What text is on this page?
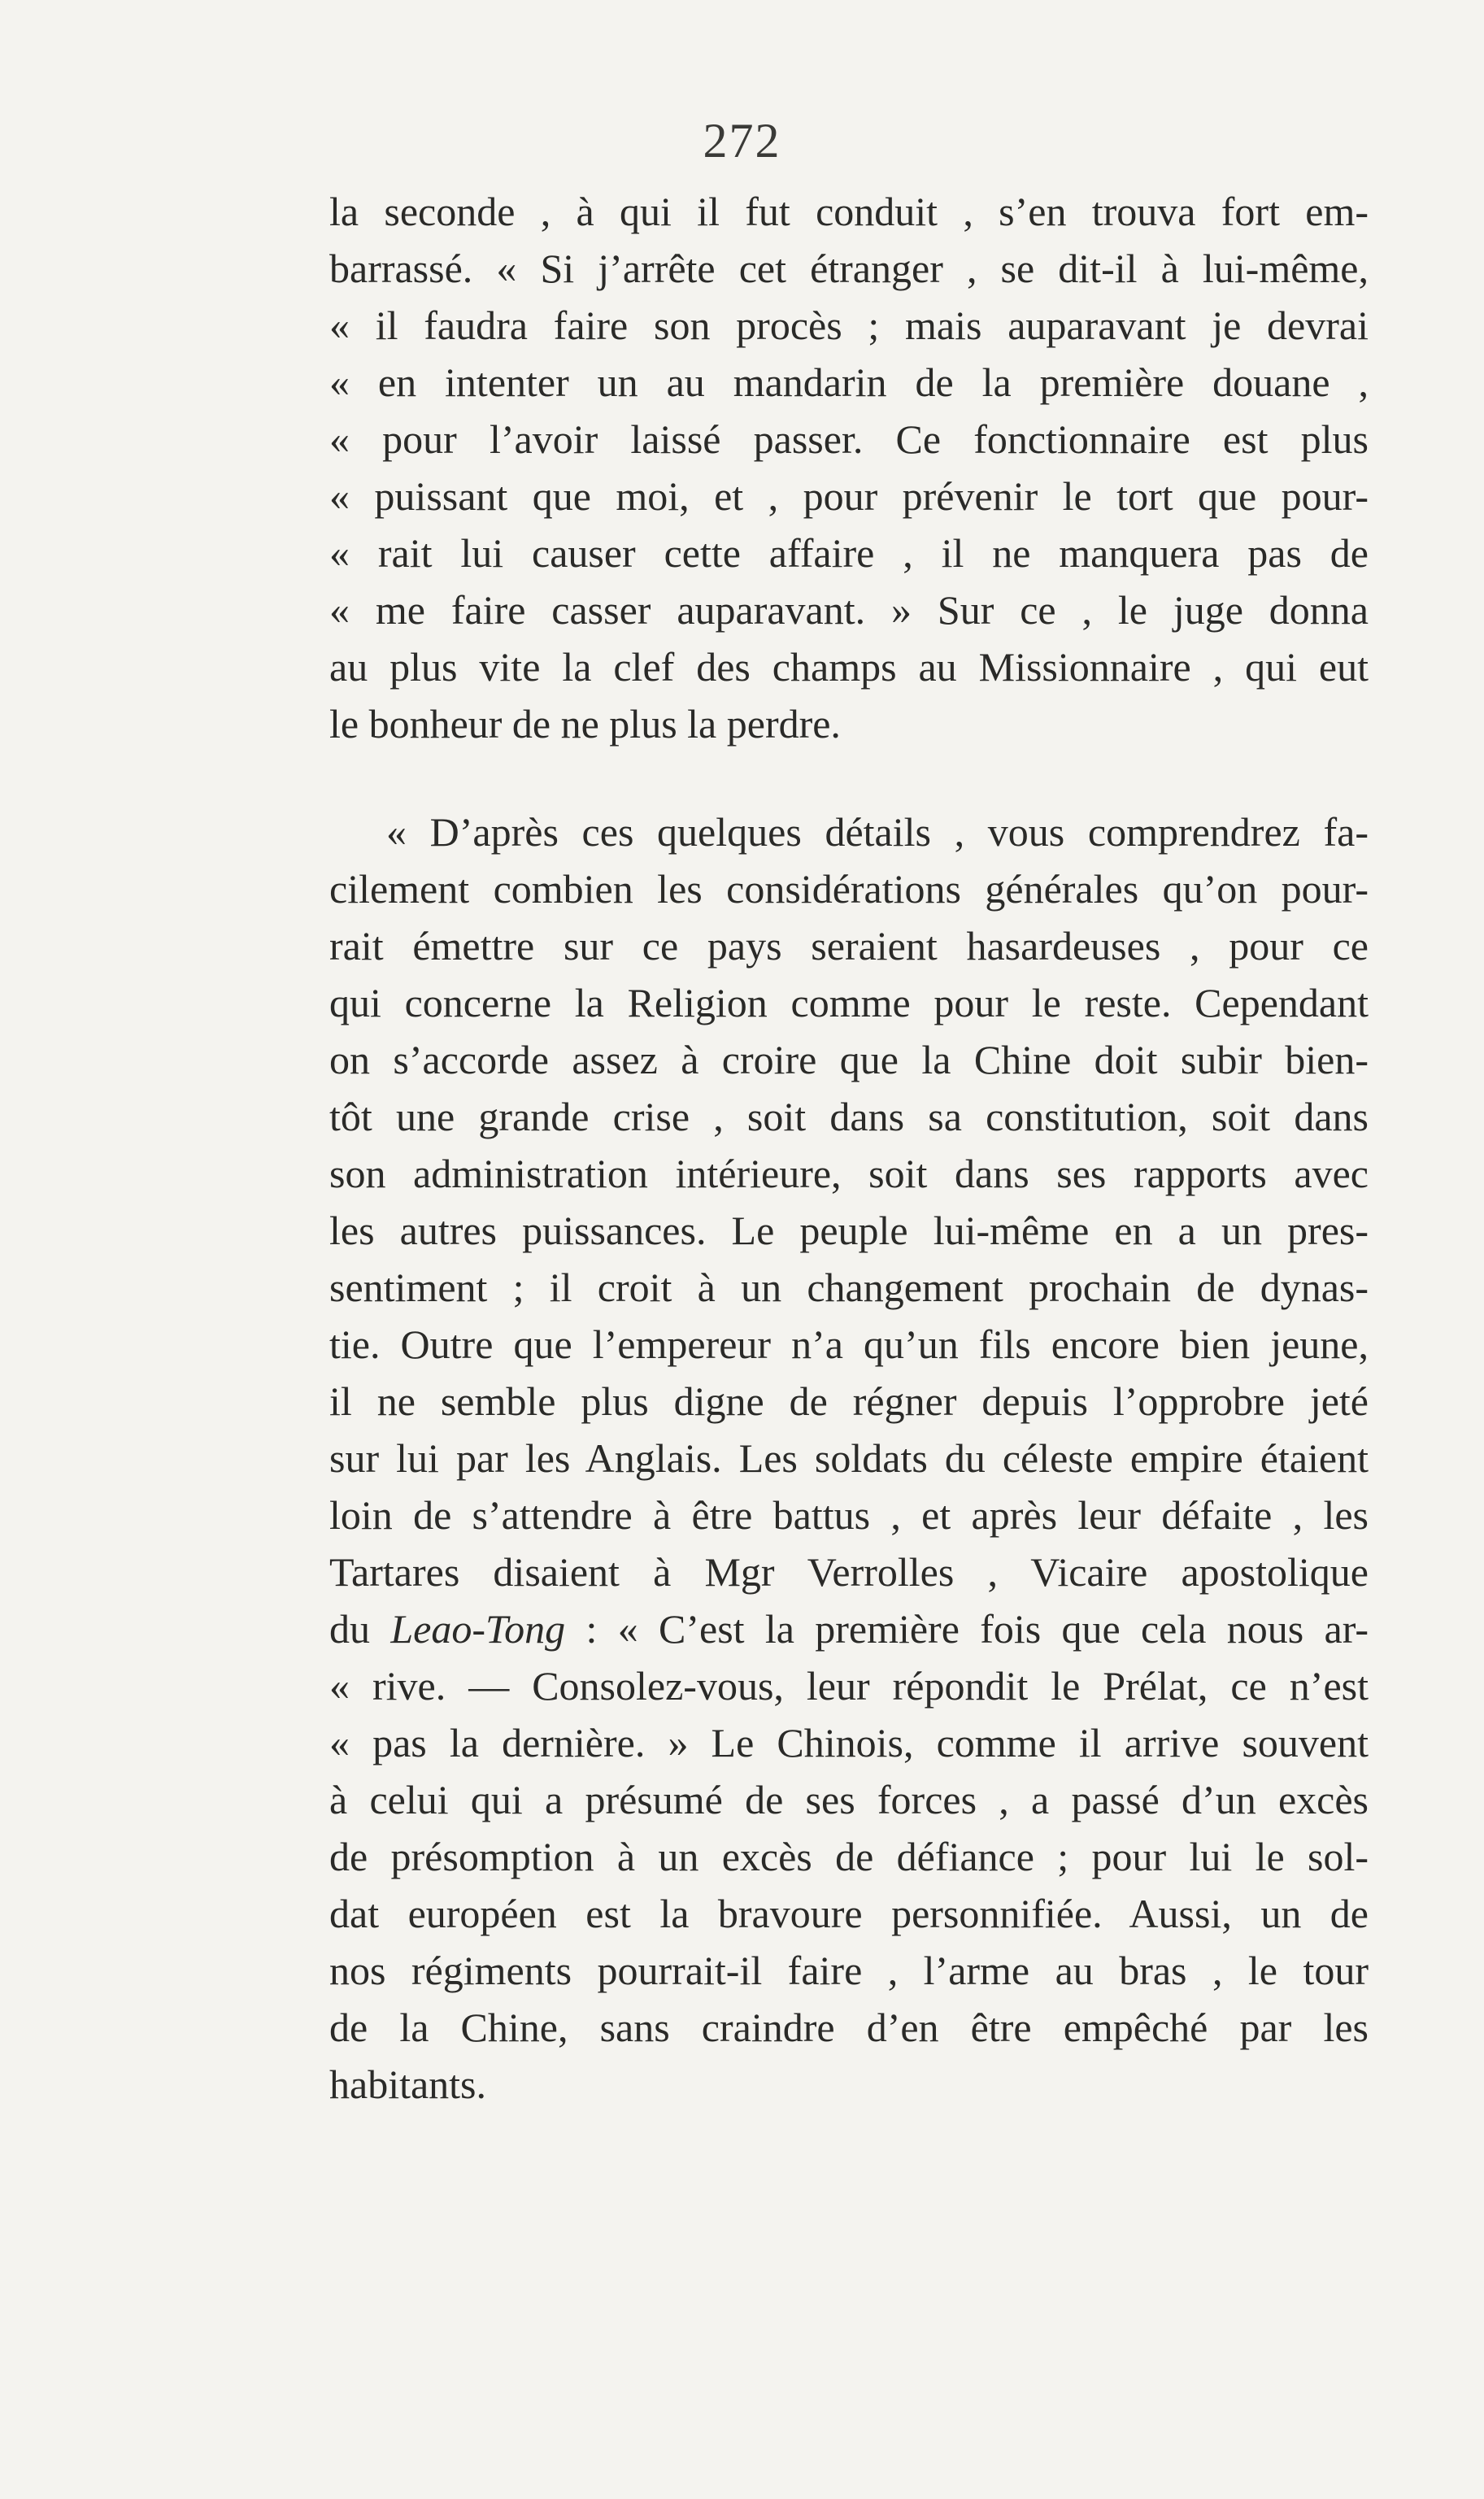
272
la seconde , à qui il fut conduit , s’en trouva fort em-
barrassé. « Si j’arrête cet étranger , se dit-il à lui-même,
« il faudra faire son procès ; mais auparavant je devrai
« en intenter un au mandarin de la première douane ,
« pour l’avoir laissé passer. Ce fonctionnaire est plus
« puissant que moi, et , pour prévenir le tort que pour-
« rait lui causer cette affaire , il ne manquera pas de
« me faire casser auparavant. » Sur ce , le juge donna
au plus vite la clef des champs au Missionnaire , qui eut
le bonheur de ne plus la perdre.
« D’après ces quelques détails , vous comprendrez fa-
cilement combien les considérations générales qu’on pour-
rait émettre sur ce pays seraient hasardeuses , pour ce
qui concerne la Religion comme pour le reste. Cependant
on s’accorde assez à croire que la Chine doit subir bien-
tôt une grande crise , soit dans sa constitution, soit dans
son administration intérieure, soit dans ses rapports avec
les autres puissances. Le peuple lui-même en a un pres-
sentiment ; il croit à un changement prochain de dynas-
tie. Outre que l’empereur n’a qu’un fils encore bien jeune,
il ne semble plus digne de régner depuis l’opprobre jeté
sur lui par les Anglais. Les soldats du céleste empire étaient
loin de s’attendre à être battus , et après leur défaite , les
Tartares disaient à Mgr Verrolles , Vicaire apostolique
du Leao-Tong : « C’est la première fois que cela nous ar-
« rive. — Consolez-vous, leur répondit le Prélat, ce n’est
« pas la dernière. » Le Chinois, comme il arrive souvent
à celui qui a présumé de ses forces , a passé d’un excès
de présomption à un excès de défiance ; pour lui le sol-
dat européen est la bravoure personnifiée. Aussi, un de
nos régiments pourrait-il faire , l’arme au bras , le tour
de la Chine, sans craindre d’en être empêché par les
habitants.
